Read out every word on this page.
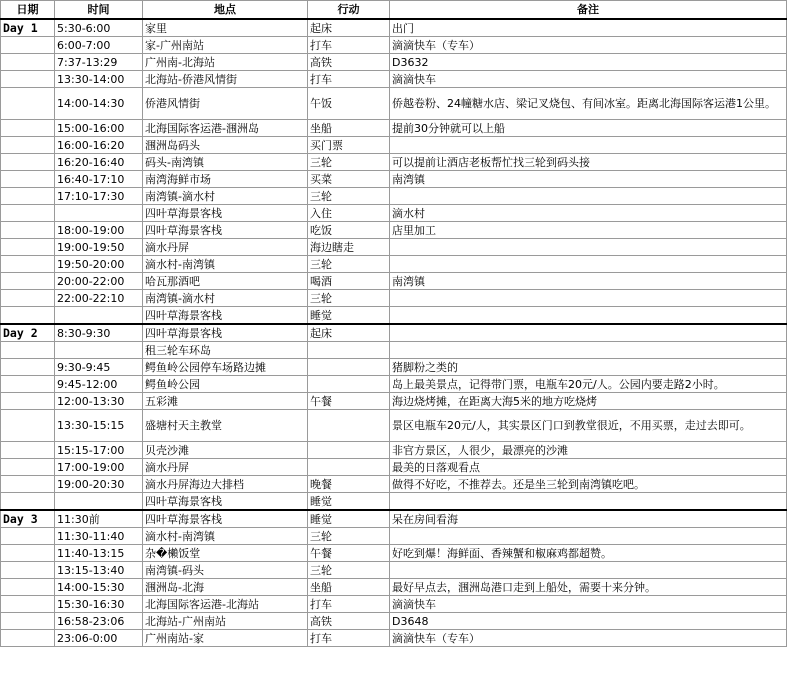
日期	时间	地点	行动	备注
Day 1	5:30-6:00	家里	起床	出门
	6:00-7:00	家-广州南站	打车	滴滴快车（专车）
	7:37-13:29	广州南-北海站	高铁	D3632
	13:30-14:00	北海站-侨港风情街	打车	滴滴快车
	14:00-14:30	侨港风情街	午饭	侨越卷粉、24幢糖水店、梁记叉烧包、有间冰室。距离北海国际客运港1公里。
	15:00-16:00	北海国际客运港-涠洲岛	坐船	提前30分钟就可以上船
	16:00-16:20	涠洲岛码头	买门票	
	16:20-16:40	码头-南湾镇	三轮	可以提前让酒店老板帮忙找三轮到码头接
	16:40-17:10	南湾海鲜市场	买菜	南湾镇
	17:10-17:30	南湾镇-滴水村	三轮	
		四叶草海景客栈	入住	滴水村
	18:00-19:00	四叶草海景客栈	吃饭	店里加工
	19:00-19:50	滴水丹屏	海边瞎走	
	19:50-20:00	滴水村-南湾镇	三轮	
	20:00-22:00	哈瓦那酒吧	喝酒	南湾镇
	22:00-22:10	南湾镇-滴水村	三轮	
		四叶草海景客栈	睡觉	
Day 2	8:30-9:30	四叶草海景客栈	起床	
		租三轮车环岛		
	9:30-9:45	鳄鱼岭公园停车场路边摊		猪脚粉之类的
	9:45-12:00	鳄鱼岭公园		岛上最美景点，记得带门票，电瓶车20元/人。公园内要走路2小时。
	12:00-13:30	五彩滩	午餐	海边烧烤摊，在距离大海5米的地方吃烧烤
	13:30-15:15	盛塘村天主教堂		景区电瓶车20元/人，其实景区门口到教堂很近，不用买票，走过去即可。
	15:15-17:00	贝壳沙滩		非官方景区，人很少，最漂亮的沙滩
	17:00-19:00	滴水丹屏		最美的日落观看点
	19:00-20:30	滴水丹屏海边大排档	晚餐	做得不好吃，不推荐去。还是坐三轮到南湾镇吃吧。
		四叶草海景客栈	睡觉	
Day 3	11:30前	四叶草海景客栈	睡觉	呆在房间看海
	11:30-11:40	滴水村-南湾镇	三轮	
	11:40-13:15	杂�櫴饭堂	午餐	好吃到爆！海鲜面、香辣蟹和椒麻鸡都超赞。
	13:15-13:40	南湾镇-码头	三轮	
	14:00-15:30	涠洲岛-北海	坐船	最好早点去，涠洲岛港口走到上船处，需要十来分钟。
	15:30-16:30	北海国际客运港-北海站	打车	滴滴快车
	16:58-23:06	北海站-广州南站	高铁	D3648
	23:06-0:00	广州南站-家	打车	滴滴快车（专车）
